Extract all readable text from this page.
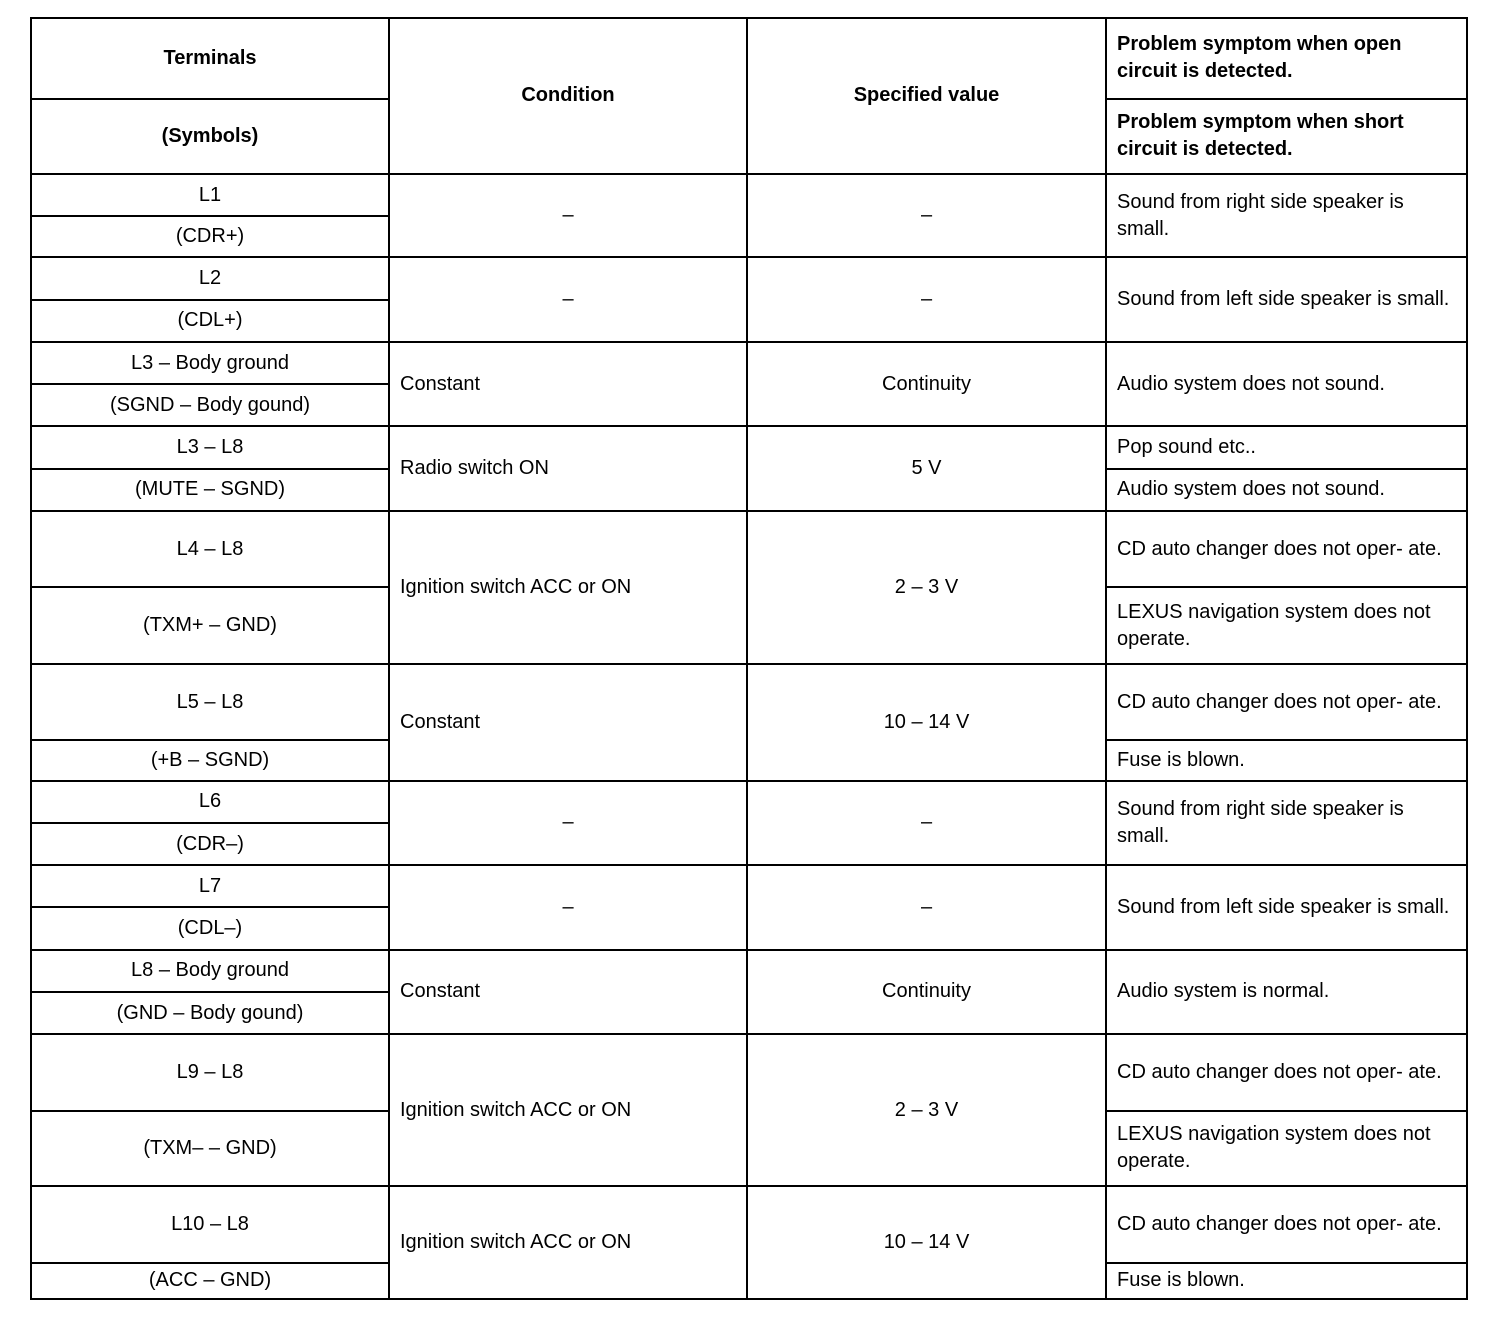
Terminals	Condition	Specified value	Problem symptom when open circuit is detected.
(Symbols)			Problem symptom when short circuit is detected.
L1	–	–	Sound from right side speaker is small.
(CDR+)			
L2	–	–	Sound from left side speaker is small.
(CDL+)			
L3 – Body ground	Constant	Continuity	Audio system does not sound.
(SGND – Body gound)			
L3 – L8	Radio switch ON	5 V	Pop sound etc..
(MUTE – SGND)			Audio system does not sound.
L4 – L8	Ignition switch ACC or ON	2 – 3 V	CD auto changer does not oper- ate.
(TXM+ – GND)			LEXUS navigation system does not operate.
L5 – L8	Constant	10 – 14 V	CD auto changer does not oper- ate.
(+B – SGND)			Fuse is blown.
L6	–	–	Sound from right side speaker is small.
(CDR–)			
L7	–	–	Sound from left side speaker is small.
(CDL–)			
L8 – Body ground	Constant	Continuity	Audio system is normal.
(GND – Body gound)			
L9 – L8	Ignition switch ACC or ON	2 – 3 V	CD auto changer does not oper- ate.
(TXM– – GND)			LEXUS navigation system does not operate.
L10 – L8	Ignition switch ACC or ON	10 – 14 V	CD auto changer does not oper- ate.
(ACC – GND)			Fuse is blown.
